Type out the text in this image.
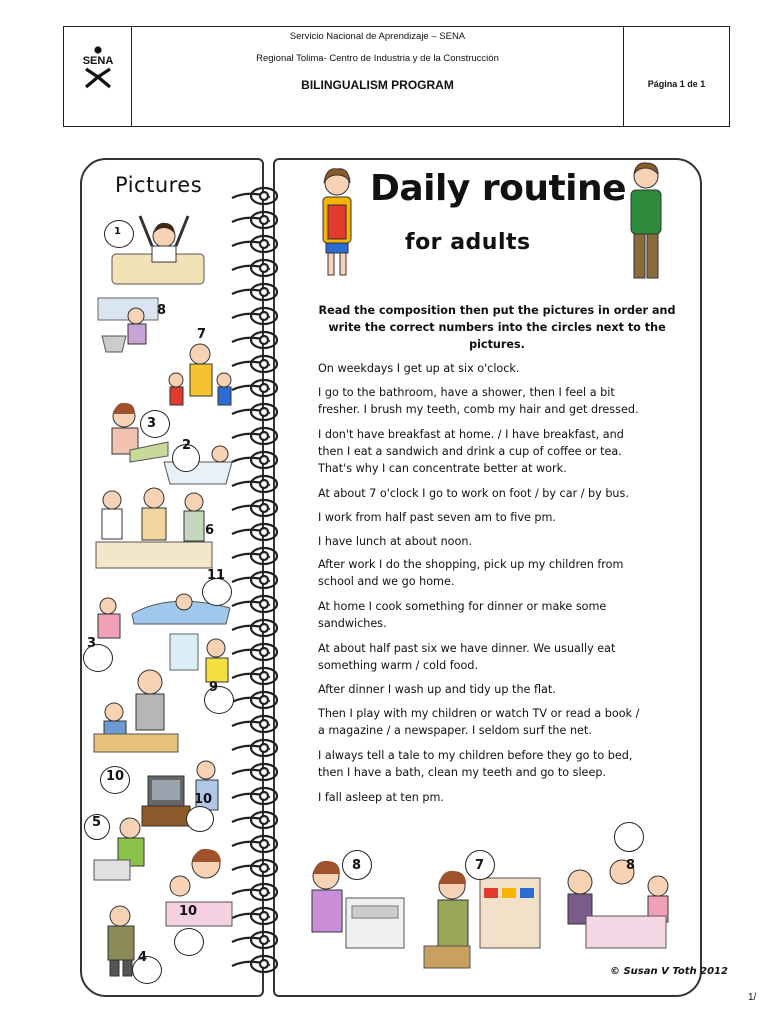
SENA
Servicio Nacional de Aprendizaje – SENA
Regional Tolima- Centro de Industria y de la Construcción
BILINGUALISM PROGRAM	Página 1 de 1
Pictures	Daily routine
for adults
Read the composition then put the pictures in order and write the correct numbers into the circles next to the pictures.
On weekdays I get up at six o'clock.
I go to the bathroom, have a shower, then I feel a bit
fresher. I brush my teeth, comb my hair and get dressed.
I don't have breakfast at home. / I have breakfast, and
then I eat a sandwich and drink a cup of coffee or tea.
That's why I can concentrate better at work.
At about 7 o'clock I go to work on foot / by car / by bus.
I work from half past seven am to five pm.
I have lunch at about noon.
After work I do the shopping, pick up my children from
school and we go home.
At home I cook something for dinner or make some
sandwiches.
At about half past six we have dinner. We usually eat
something warm / cold food.
After dinner I wash up and tidy up the flat.
Then I play with my children or watch TV or read a book /
a magazine / a newspaper. I seldom surf the net.
I always tell a tale to my children before they go to bed,
then I have a bath, clean my teeth and go to sleep.
I fall asleep at ten pm.
1
8
7
3
2
6
11
3
9
10
10
5
10
4
8	7	8
© Susan V Toth 2012
1/
